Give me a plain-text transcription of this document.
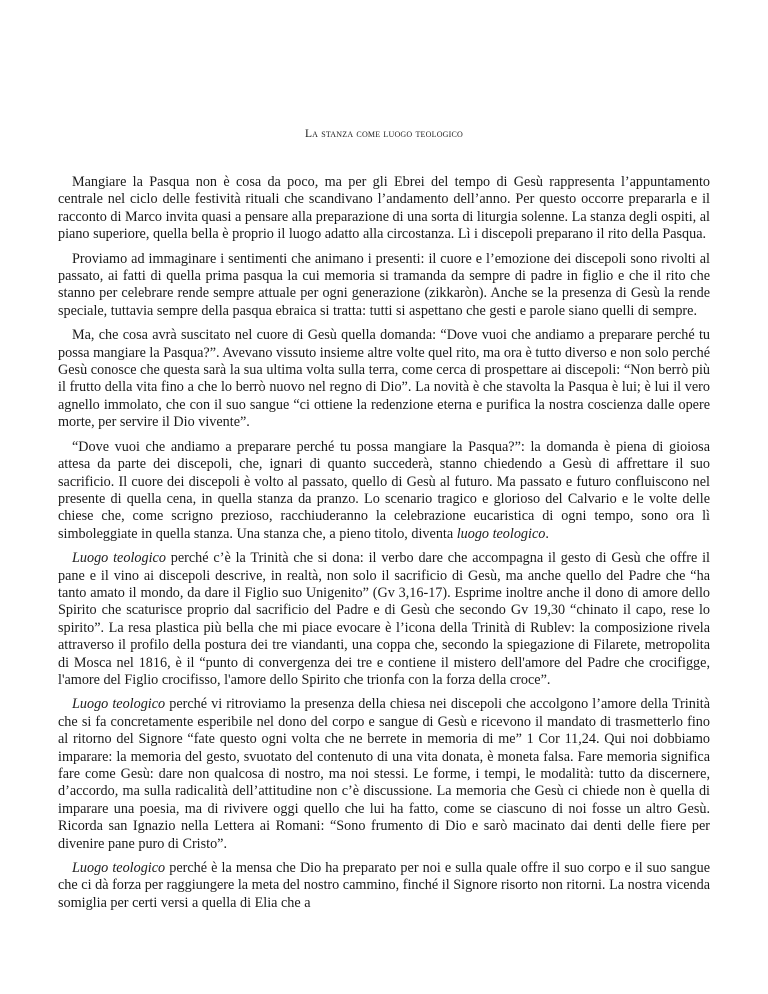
La stanza come luogo teologico

Mangiare la Pasqua non è cosa da poco, ma per gli Ebrei del tempo di Gesù rappresenta l’appuntamento centrale nel ciclo delle festività rituali che scandivano l’andamento dell’anno. Per questo occorre prepararla e il racconto di Marco invita quasi a pensare alla preparazione di una sorta di liturgia solenne. La stanza degli ospiti, al piano superiore, quella bella è proprio il luogo adatto alla circostanza. Lì i discepoli preparano il rito della Pasqua.

Proviamo ad immaginare i sentimenti che animano i presenti: il cuore e l’emozione dei discepoli sono rivolti al passato, ai fatti di quella prima pasqua la cui memoria si tramanda da sempre di padre in figlio e che il rito che stanno per celebrare rende sempre attuale per ogni generazione (zikkaròn). Anche se la presenza di Gesù la rende speciale, tuttavia sempre della pasqua ebraica si tratta: tutti si aspettano che gesti e parole siano quelli di sempre.

Ma, che cosa avrà suscitato nel cuore di Gesù quella domanda: “Dove vuoi che andiamo a preparare perché tu possa mangiare la Pasqua?”. Avevano vissuto insieme altre volte quel rito, ma ora è tutto diverso e non solo perché Gesù conosce che questa sarà la sua ultima volta sulla terra, come cerca di prospettare ai discepoli: “Non berrò più il frutto della vita fino a che lo berrò nuovo nel regno di Dio”. La novità è che stavolta la Pasqua è lui; è lui il vero agnello immolato, che con il suo sangue “ci ottiene la redenzione eterna e purifica la nostra coscienza dalle opere morte, per servire il Dio vivente”.

“Dove vuoi che andiamo a preparare perché tu possa mangiare la Pasqua?”: la domanda è piena di gioiosa attesa da parte dei discepoli, che, ignari di quanto succederà, stanno chiedendo a Gesù di affrettare il suo sacrificio. Il cuore dei discepoli è volto al passato, quello di Gesù al futuro. Ma passato e futuro confluiscono nel presente di quella cena, in quella stanza da pranzo. Lo scenario tragico e glorioso del Calvario e le volte delle chiese che, come scrigno prezioso, racchiuderanno la celebrazione eucaristica di ogni tempo, sono ora lì simboleggiate in quella stanza. Una stanza che, a pieno titolo, diventa luogo teologico.

Luogo teologico perché c’è la Trinità che si dona: il verbo dare che accompagna il gesto di Gesù che offre il pane e il vino ai discepoli descrive, in realtà, non solo il sacrificio di Gesù, ma anche quello del Padre che “ha tanto amato il mondo, da dare il Figlio suo Unigenito” (Gv 3,16-17). Esprime inoltre anche il dono di amore dello Spirito che scaturisce proprio dal sacrificio del Padre e di Gesù che secondo Gv 19,30 “chinato il capo, rese lo spirito”. La resa plastica più bella che mi piace evocare è l’icona della Trinità di Rublev: la composizione rivela attraverso il profilo della postura dei tre viandanti, una coppa che, secondo la spiegazione di Filarete, metropolita di Mosca nel 1816, è il “punto di convergenza dei tre e contiene il mistero dell'amore del Padre che crocifigge, l'amore del Figlio crocifisso, l'amore dello Spirito che trionfa con la forza della croce”.

Luogo teologico perché vi ritroviamo la presenza della chiesa nei discepoli che accolgono l’amore della Trinità che si fa concretamente esperibile nel dono del corpo e sangue di Gesù e ricevono il mandato di trasmetterlo fino al ritorno del Signore “fate questo ogni volta che ne berrete in memoria di me” 1 Cor 11,24. Qui noi dobbiamo imparare: la memoria del gesto, svuotato del contenuto di una vita donata, è moneta falsa. Fare memoria significa fare come Gesù: dare non qualcosa di nostro, ma noi stessi. Le forme, i tempi, le modalità: tutto da discernere, d’accordo, ma sulla radicalità dell’attitudine non c’è discussione. La memoria che Gesù ci chiede non è quella di imparare una poesia, ma di rivivere oggi quello che lui ha fatto, come se ciascuno di noi fosse un altro Gesù. Ricorda san Ignazio nella Lettera ai Romani: “Sono frumento di Dio e sarò macinato dai denti delle fiere per divenire pane puro di Cristo”.

Luogo teologico perché è la mensa che Dio ha preparato per noi e sulla quale offre il suo corpo e il suo sangue che ci dà forza per raggiungere la meta del nostro cammino, finché il Signore risorto non ritorni. La nostra vicenda somiglia per certi versi a quella di Elia che a
